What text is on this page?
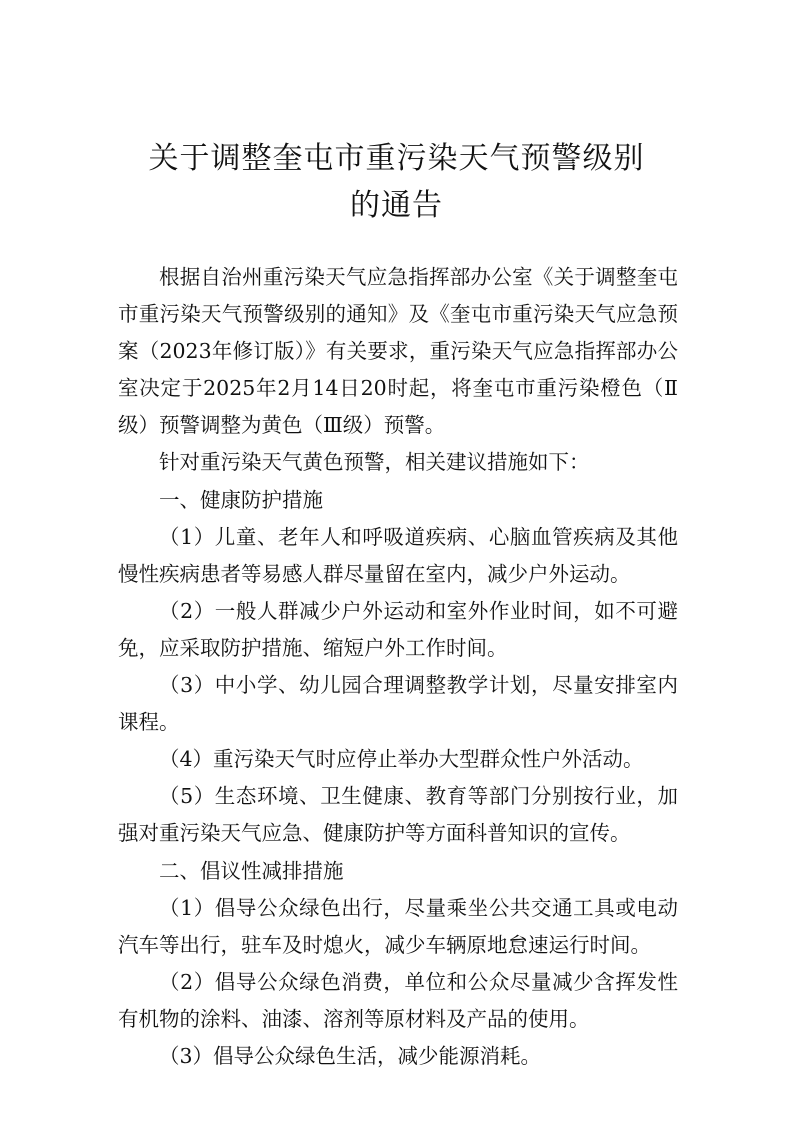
关于调整奎屯市重污染天气预警级别
的通告

根据自治州重污染天气应急指挥部办公室《关于调整奎屯市重污染天气预警级别的通知》及《奎屯市重污染天气应急预案（2023年修订版）》有关要求，重污染天气应急指挥部办公室决定于2025年2月14日20时起，将奎屯市重污染橙色（Ⅱ级）预警调整为黄色（Ⅲ级）预警。

针对重污染天气黄色预警，相关建议措施如下：

一、健康防护措施

（1）儿童、老年人和呼吸道疾病、心脑血管疾病及其他慢性疾病患者等易感人群尽量留在室内，减少户外运动。

（2）一般人群减少户外运动和室外作业时间，如不可避免，应采取防护措施、缩短户外工作时间。

（3）中小学、幼儿园合理调整教学计划，尽量安排室内课程。

（4）重污染天气时应停止举办大型群众性户外活动。

（5）生态环境、卫生健康、教育等部门分别按行业，加强对重污染天气应急、健康防护等方面科普知识的宣传。

二、倡议性减排措施

（1）倡导公众绿色出行，尽量乘坐公共交通工具或电动汽车等出行，驻车及时熄火，减少车辆原地怠速运行时间。

（2）倡导公众绿色消费，单位和公众尽量减少含挥发性有机物的涂料、油漆、溶剂等原材料及产品的使用。

（3）倡导公众绿色生活，减少能源消耗。
